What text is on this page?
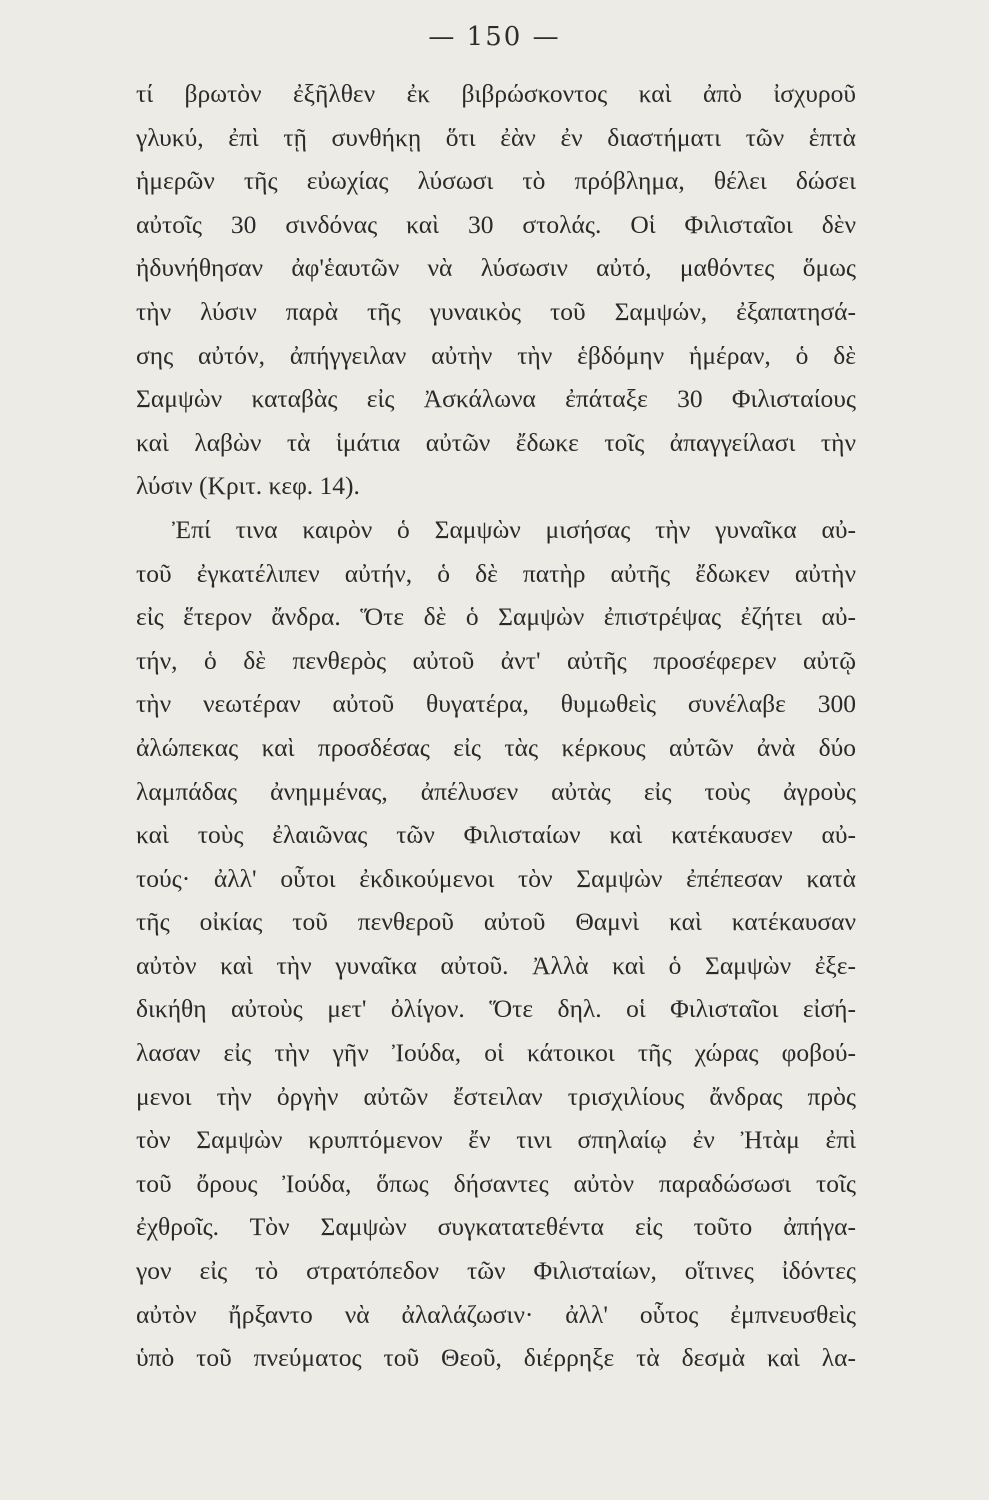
— 150 —
τί βρωτὸν ἐξῆλθεν ἐκ βιβρώσκοντος καὶ ἀπὸ ἰσχυροῦ
γλυκύ, ἐπὶ τῇ συνθήκῃ ὅτι ἐὰν ἐν διαστήματι τῶν ἑπτὰ
ἡμερῶν τῆς εὐωχίας λύσωσι τὸ πρόβλημα, θέλει δώσει
αὐτοῖς 30 σινδόνας καὶ 30 στολάς. Οἱ Φιλισταῖοι δὲν
ἠδυνήθησαν ἀφ'ἑαυτῶν νὰ λύσωσιν αὐτό, μαθόντες ὅμως
τὴν λύσιν παρὰ τῆς γυναικὸς τοῦ Σαμψών, ἐξαπατησά-
σης αὐτόν, ἀπήγγειλαν αὐτὴν τὴν ἑβδόμην ἡμέραν, ὁ δὲ
Σαμψὼν καταβὰς εἰς Ἀσκάλωνα ἐπάταξε 30 Φιλισταίους
καὶ λαβὼν τὰ ἱμάτια αὐτῶν ἔδωκε τοῖς ἀπαγγείλασι τὴν
λύσιν (Κριτ. κεφ. 14).
Ἐπί τινα καιρὸν ὁ Σαμψὼν μισήσας τὴν γυναῖκα αὐ-
τοῦ ἐγκατέλιπεν αὐτήν, ὁ δὲ πατὴρ αὐτῆς ἔδωκεν αὐτὴν
εἰς ἕτερον ἄνδρα. Ὅτε δὲ ὁ Σαμψὼν ἐπιστρέψας ἐζήτει αὐ-
τήν, ὁ δὲ πενθερὸς αὐτοῦ ἀντ' αὐτῆς προσέφερεν αὐτῷ
τὴν νεωτέραν αὐτοῦ θυγατέρα, θυμωθεὶς συνέλαβε 300
ἀλώπεκας καὶ προσδέσας εἰς τὰς κέρκους αὐτῶν ἀνὰ δύο
λαμπάδας ἀνημμένας, ἀπέλυσεν αὐτὰς εἰς τοὺς ἀγροὺς
καὶ τοὺς ἐλαιῶνας τῶν Φιλισταίων καὶ κατέκαυσεν αὐ-
τούς· ἀλλ' οὗτοι ἐκδικούμενοι τὸν Σαμψὼν ἐπέπεσαν κατὰ
τῆς οἰκίας τοῦ πενθεροῦ αὐτοῦ Θαμνὶ καὶ κατέκαυσαν
αὐτὸν καὶ τὴν γυναῖκα αὐτοῦ. Ἀλλὰ καὶ ὁ Σαμψὼν ἐξε-
δικήθη αὐτοὺς μετ' ὀλίγον. Ὅτε δηλ. οἱ Φιλισταῖοι εἰσή-
λασαν εἰς τὴν γῆν Ἰούδα, οἱ κάτοικοι τῆς χώρας φοβού-
μενοι τὴν ὀργὴν αὐτῶν ἔστειλαν τρισχιλίους ἄνδρας πρὸς
τὸν Σαμψὼν κρυπτόμενον ἔν τινι σπηλαίῳ ἐν Ἠτὰμ ἐπὶ
τοῦ ὄρους Ἰούδα, ὅπως δήσαντες αὐτὸν παραδώσωσι τοῖς
ἐχθροῖς. Τὸν Σαμψὼν συγκατατεθέντα εἰς τοῦτο ἀπήγα-
γον εἰς τὸ στρατόπεδον τῶν Φιλισταίων, οἵτινες ἰδόντες
αὐτὸν ἤρξαντο νὰ ἀλαλάζωσιν· ἀλλ' οὗτος ἐμπνευσθεὶς
ὑπὸ τοῦ πνεύματος τοῦ Θεοῦ, διέρρηξε τὰ δεσμὰ καὶ λα-
